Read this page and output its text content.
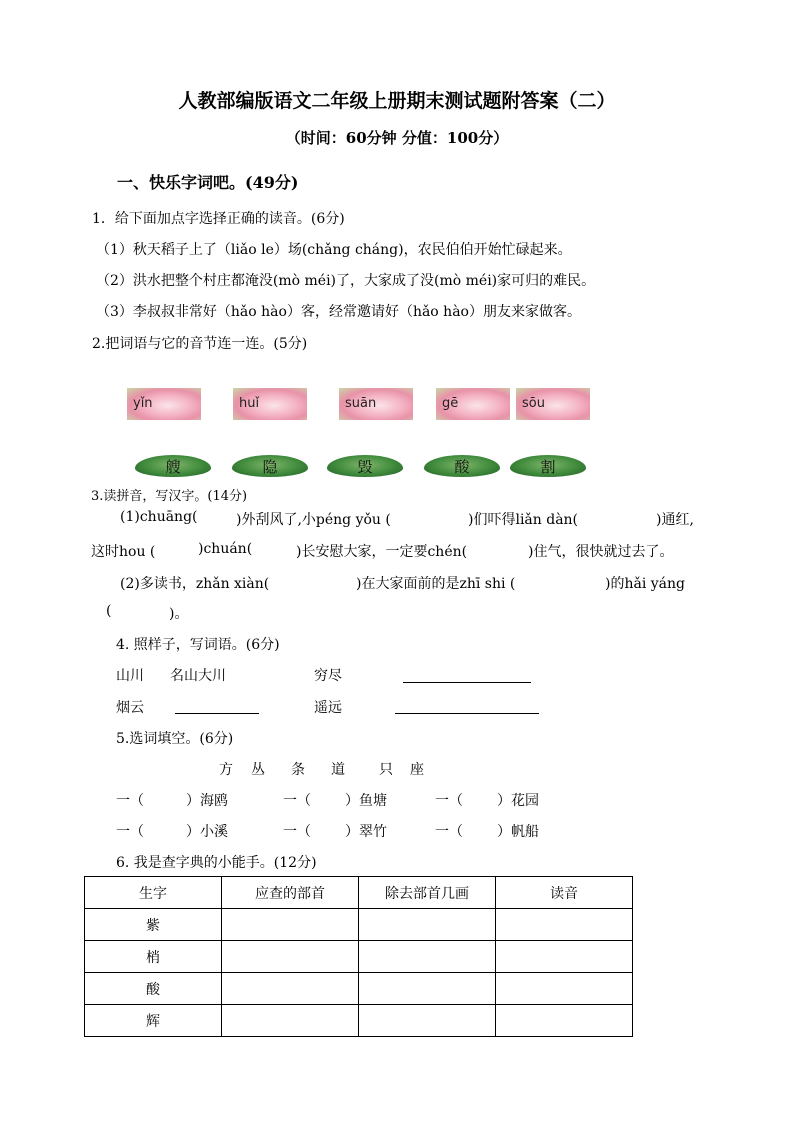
人教部编版语文二年级上册期末测试题附答案（二）
（时间：60分钟 分值：100分）
一、快乐字词吧。(49分)
1．给下面加点字选择正确的读音。(6分)
（1）秋天稻子上了（liǎo le）场(chǎng cháng)，农民伯伯开始忙碌起来。
（2）洪水把整个村庄都淹没(mò méi)了，大家成了没(mò méi)家可归的难民。
（3）李叔叔非常好（hǎo hào）客，经常邀请好（hǎo hào）朋友来家做客。
2.把词语与它的音节连一连。(5分)
yǐn	huǐ	suān	gē	sōu
艘	隐	毁	酸	割
3.读拼音，写汉字。(14分)
(1)chuāng(	)外刮风了,小péng yǒu (	)们吓得liǎn dàn(	)通红,
这时hou (	)chuán(	)长安慰大家，一定要chén(	)住气，很快就过去了。
(2)多读书，zhǎn xiàn(	)在大家面前的是zhī shi (	)的hǎi yáng
(	)。
4. 照样子，写词语。(6分)
山川 名山大川	穷尽
烟云	遥远
5.选词填空。(6分)
方 丛 条 道 只 座
一（	）海鸥	一（ ）鱼塘	一（ ）花园
一（	）小溪	一（ ）翠竹	一（ ）帆船
6. 我是查字典的小能手。(12分)
生字	应查的部首	除去部首几画	读音
紫			
梢			
酸			
辉			
